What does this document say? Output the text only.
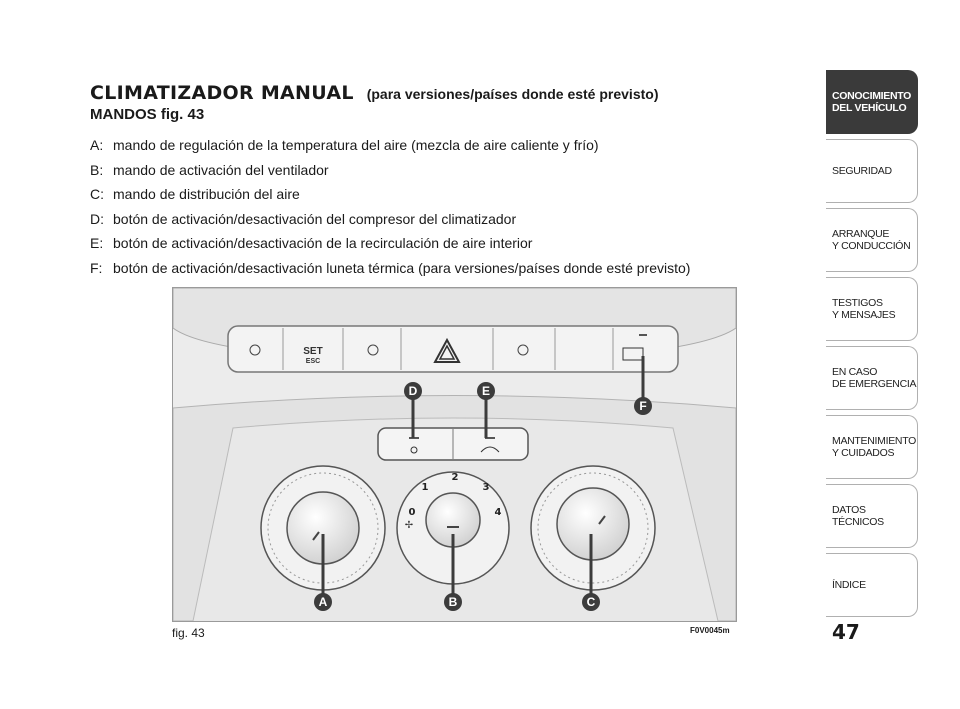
CLIMATIZADOR MANUAL (para versiones/países donde esté previsto)
MANDOS fig. 43
A: mando de regulación de la temperatura del aire (mezcla de aire caliente y frío)
B: mando de activación del ventilador
C: mando de distribución del aire
D: botón de activación/desactivación del compresor del climatizador
E: botón de activación/desactivación de la recirculación de aire interior
F: botón de activación/desactivación luneta térmica (para versiones/países donde esté previsto)
SET
ESC
0
1
2
3
4
✢
A	B	C
D	E
F
fig. 43	F0V0045m
CONOCIMIENTO
DEL VEHÍCULO
SEGURIDAD
ARRANQUE
Y CONDUCCIÓN
TESTIGOS
Y MENSAJES
EN CASO
DE EMERGENCIA
MANTENIMIENTO
Y CUIDADOS
DATOS TÉCNICOS
ÍNDICE
47
